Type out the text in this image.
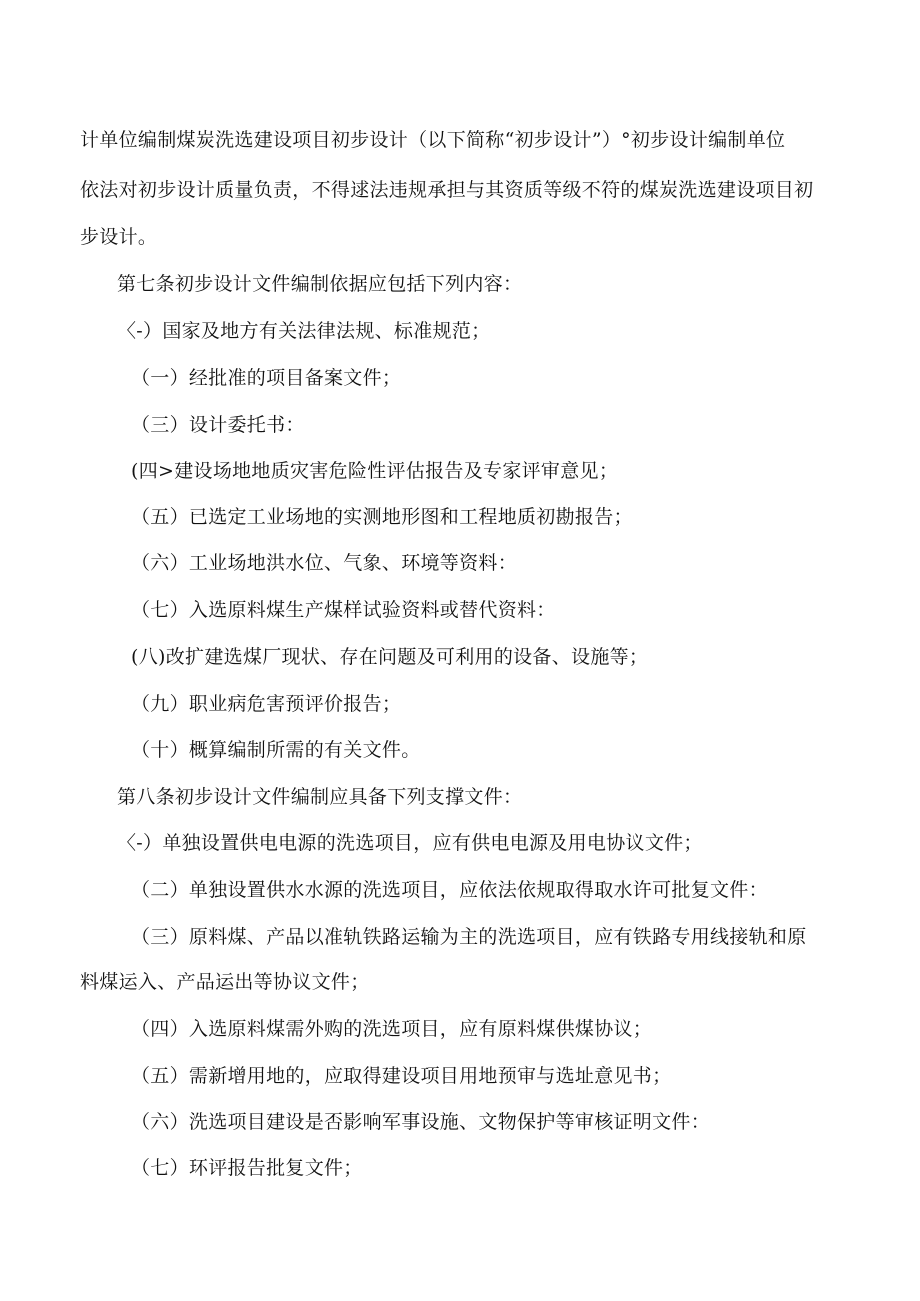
计单位编制煤炭洗选建设项目初步设计（以下简称“初步设计”）°初步设计编制单位
依法对初步设计质量负责，不得逑法违规承担与其资质等级不符的煤炭洗选建设项目初
步设计。
第七条初步设计文件编制依据应包括下列内容：
〈-）国家及地方有关法律法规、标准规范；
（一）经批准的项目备案文件；
（三）设计委托书：
(四>建设场地地质灾害危险性评估报告及专家评审意见；
（五）已选定工业场地的实测地形图和工程地质初勘报告；
（六）工业场地洪水位、气象、环境等资料：
（七）入选原料煤生产煤样试验资料或替代资料：
(八)改扩建选煤厂现状、存在问题及可利用的设备、设施等；
（九）职业病危害预评价报告；
（十）概算编制所需的有关文件。
第八条初步设计文件编制应具备下列支撑文件：
〈-）单独设置供电电源的洗选项目，应有供电电源及用电协议文件；
（二）单独设置供水水源的洗选项目，应依法依规取得取水许可批复文件：
（三）原料煤、产品以准轨铁路运输为主的洗选项目，应有铁路专用线接轨和原
料煤运入、产品运出等协议文件；
（四）入选原料煤需外购的洗选项目，应有原料煤供煤协议；
（五）需新增用地的，应取得建设项目用地预审与选址意见书；
（六）洗选项目建设是否影响军事设施、文物保护等审核证明文件：
（七）环评报告批复文件；
